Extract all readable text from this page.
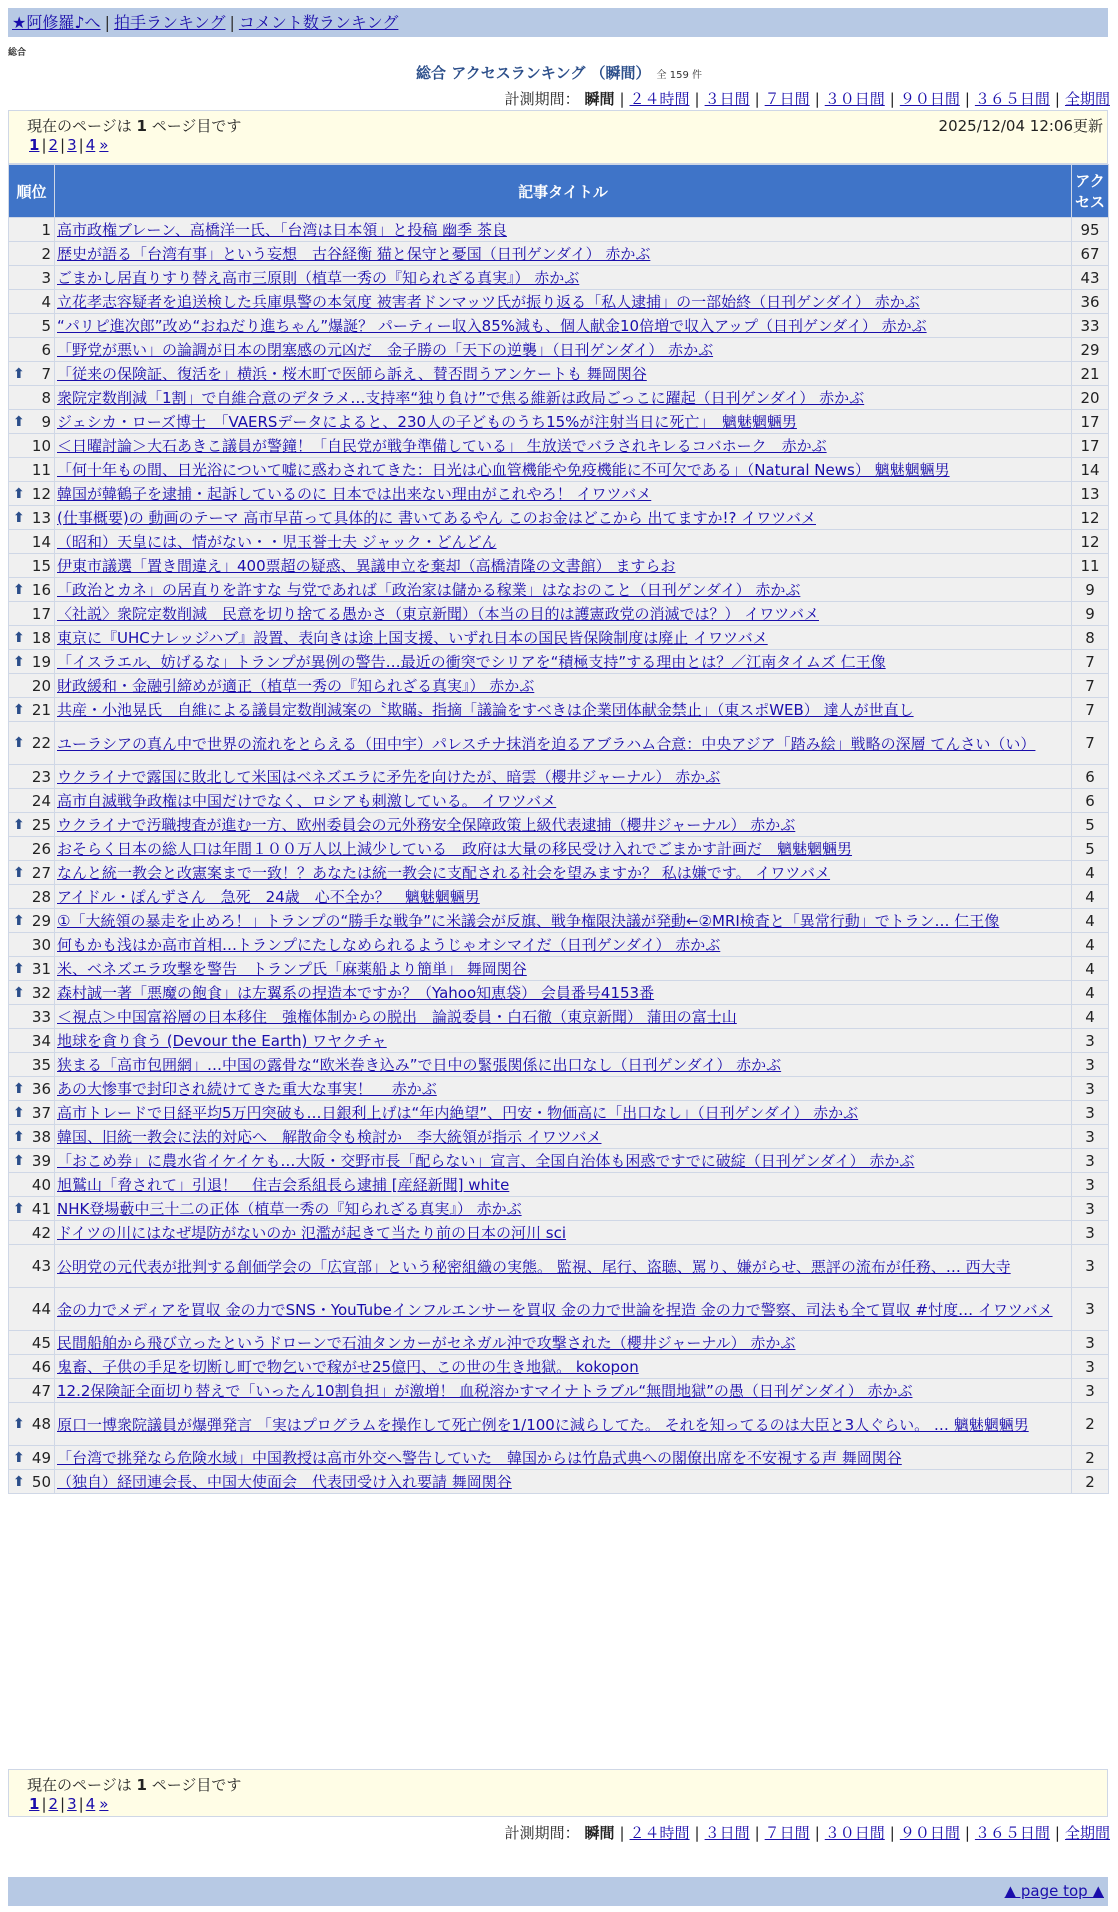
★阿修羅♪へ | 拍手ランキング | コメント数ランキング
総合
総合 アクセスランキング （瞬間） 全 159 件
計測期間： 瞬間 | ２４時間 | ３日間 | ７日間 | ３０日間 | ９０日間 | ３６５日間 | 全期間
現在のページは 1 ページ目です	2025/12/04 12:06更新
1 | 2 | 3 | 4 »
順位	記事タイトル	アクセス
1	高市政権ブレーン、高橋洋一氏、「台湾は日本領」と投稿 幽季 茶良	95
2	歴史が語る「台湾有事」という妄想　古谷経衡 猫と保守と憂国（日刊ゲンダイ） 赤かぶ	67
3	ごまかし居直りすり替え高市三原則（植草一秀の『知られざる真実』） 赤かぶ	43
4	立花孝志容疑者を追送検した兵庫県警の本気度 被害者ドンマッツ氏が振り返る「私人逮捕」の一部始終（日刊ゲンダイ） 赤かぶ	36
5	“パリピ進次郎”改め“おねだり進ちゃん”爆誕？ パーティー収入85%減も、個人献金10倍増で収入アップ（日刊ゲンダイ） 赤かぶ	33
6	「野党が悪い」の論調が日本の閉塞感の元凶だ　金子勝の「天下の逆襲」（日刊ゲンダイ） 赤かぶ	29

⬆ 7	「従来の保険証、復活を」横浜・桜木町で医師ら訴え、賛否問うアンケートも 舞岡関谷	21
8	衆院定数削減「1割」で自維合意のデタラメ…支持率“独り負け”で焦る維新は政局ごっこに躍起（日刊ゲンダイ） 赤かぶ	20

⬆ 9	ジェシカ・ローズ博士　「VAERSデータによると、230人の子どものうち15%が注射当日に死亡」　魑魅魍魎男	17
10	＜日曜討論＞大石あきこ議員が警鐘！「自民党が戦争準備している」 生放送でバラされキレるコバホーク　赤かぶ	17
11	「何十年もの間、日光浴について嘘に惑わされてきた：日光は心血管機能や免疫機能に不可欠である」（Natural News） 魑魅魍魎男	14

⬆ 12	韓国が韓鶴子を逮捕・起訴しているのに 日本では出来ない理由がこれやろ！ イワツバメ	13

⬆ 13	(仕事概要)の 動画のテーマ 高市早苗って具体的に 書いてあるやん このお金はどこから 出てますか!? イワツバメ	12
14	（昭和）天皇には、情がない・・児玉誉士夫 ジャック・どんどん	12
15	伊東市議選「置き間違え」400票超の疑惑、異議申立を棄却（高橋清隆の文書館） ますらお	11

⬆ 16	「政治とカネ」の居直りを許すな 与党であれば「政治家は儲かる稼業」はなおのこと（日刊ゲンダイ） 赤かぶ	9
17	〈社説〉衆院定数削減　民意を切り捨てる愚かさ（東京新聞）（本当の目的は護憲政党の消滅では？） イワツバメ	9

⬆ 18	東京に『UHCナレッジハブ』設置、表向きは途上国支援、いずれ日本の国民皆保険制度は廃止 イワツバメ	8

⬆ 19	「イスラエル、妨げるな」トランプが異例の警告…最近の衝突でシリアを“積極支持”する理由とは？／江南タイムズ 仁王像	7
20	財政緩和・金融引締めが適正（植草一秀の『知られざる真実』） 赤かぶ	7

⬆ 21	共産・小池晃氏　自維による議員定数削減案の〝欺瞞〟指摘「議論をすべきは企業団体献金禁止」（東スポWEB） 達人が世直し	7

⬆ 22	ユーラシアの真ん中で世界の流れをとらえる（田中宇）パレスチナ抹消を迫るアブラハム合意：中央アジア「踏み絵」戦略の深層 てんさい（い）	7
23	ウクライナで露国に敗北して米国はベネズエラに矛先を向けたが、暗雲（櫻井ジャーナル） 赤かぶ	6
24	高市自滅戦争政権は中国だけでなく、ロシアも刺激している。 イワツバメ	6

⬆ 25	ウクライナで汚職捜査が進む一方、欧州委員会の元外務安全保障政策上級代表逮捕（櫻井ジャーナル） 赤かぶ	5
26	おそらく日本の総人口は年間１００万人以上減少している　政府は大量の移民受け入れでごまかす計画だ　魑魅魍魎男	5

⬆ 27	なんと統一教会と改憲案まで一致！？あなたは統一教会に支配される社会を望みますか？ 私は嫌です。 イワツバメ	4
28	アイドル・ぽんずさん　急死　24歳　心不全か？　魑魅魍魎男	4

⬆ 29	①「大統領の暴走を止めろ！」トランプの“勝手な戦争”に米議会が反旗、戦争権限決議が発動←②MRI検査と「異常行動」でトラン… 仁王像	4
30	何もかも浅はか高市首相…トランプにたしなめられるようじゃオシマイだ（日刊ゲンダイ） 赤かぶ	4

⬆ 31	米、ベネズエラ攻撃を警告　トランプ氏「麻薬船より簡単」 舞岡関谷	4

⬆ 32	森村誠一著「悪魔の飽食」は左翼系の捏造本ですか？（Yahoo知恵袋） 会員番号4153番	4
33	＜視点＞中国富裕層の日本移住　強権体制からの脱出　論説委員・白石徹（東京新聞） 蒲田の富士山	4
34	地球を貪り食う (Devour the Earth) ワヤクチャ	3
35	狭まる「高市包囲網」…中国の露骨な“欧米巻き込み”で日中の緊張関係に出口なし（日刊ゲンダイ） 赤かぶ	3

⬆ 36	あの大惨事で封印され続けてきた重大な事実！　 赤かぶ	3

⬆ 37	高市トレードで日経平均5万円突破も…日銀利上げは“年内絶望”、円安・物価高に「出口なし」（日刊ゲンダイ） 赤かぶ	3

⬆ 38	韓国、旧統一教会に法的対応へ　解散命令も検討か　李大統領が指示 イワツバメ	3

⬆ 39	「おこめ券」に農水省イケイケも…大阪・交野市長「配らない」宣言、全国自治体も困惑ですでに破綻（日刊ゲンダイ） 赤かぶ	3
40	旭鷲山「脅されて」引退！　住吉会系組長ら逮捕 [産経新聞] white	3

⬆ 41	NHK登場藪中三十二の正体（植草一秀の『知られざる真実』） 赤かぶ	3
42	ドイツの川にはなぜ堤防がないのか 氾濫が起きて当たり前の日本の河川 sci	3
43	公明党の元代表が批判する創価学会の「広宣部」という秘密組織の実態。 監視、尾行、盗聴、罵り、嫌がらせ、悪評の流布が任務、… 西大寺	3
44	金の力でメディアを買収 金の力でSNS・YouTubeインフルエンサーを買収 金の力で世論を捏造 金の力で警察、司法も全て買収 #忖度… イワツバメ	3
45	民間船舶から飛び立ったというドローンで石油タンカーがセネガル沖で攻撃された（櫻井ジャーナル） 赤かぶ	3
46	鬼畜、子供の手足を切断し町で物乞いで稼がせ25億円、この世の生き地獄。 kokopon	3
47	12.2保険証全面切り替えで「いったん10割負担」が激増！ 血税溶かすマイナトラブル“無間地獄”の愚（日刊ゲンダイ） 赤かぶ	3

⬆ 48	原口一博衆院議員が爆弾発言 「実はプログラムを操作して死亡例を1/100に減らしてた。 それを知ってるのは大臣と3人ぐらい。 … 魑魅魍魎男	2

⬆ 49	「台湾で挑発なら危険水域」中国教授は高市外交へ警告していた　韓国からは竹島式典への閣僚出席を不安視する声 舞岡関谷	2

⬆ 50	（独自）経団連会長、中国大使面会　代表団受け入れ要請 舞岡関谷	2
現在のページは 1 ページ目です
1 | 2 | 3 | 4 »
計測期間： 瞬間 | ２４時間 | ３日間 | ７日間 | ３０日間 | ９０日間 | ３６５日間 | 全期間
▲ page top ▲
